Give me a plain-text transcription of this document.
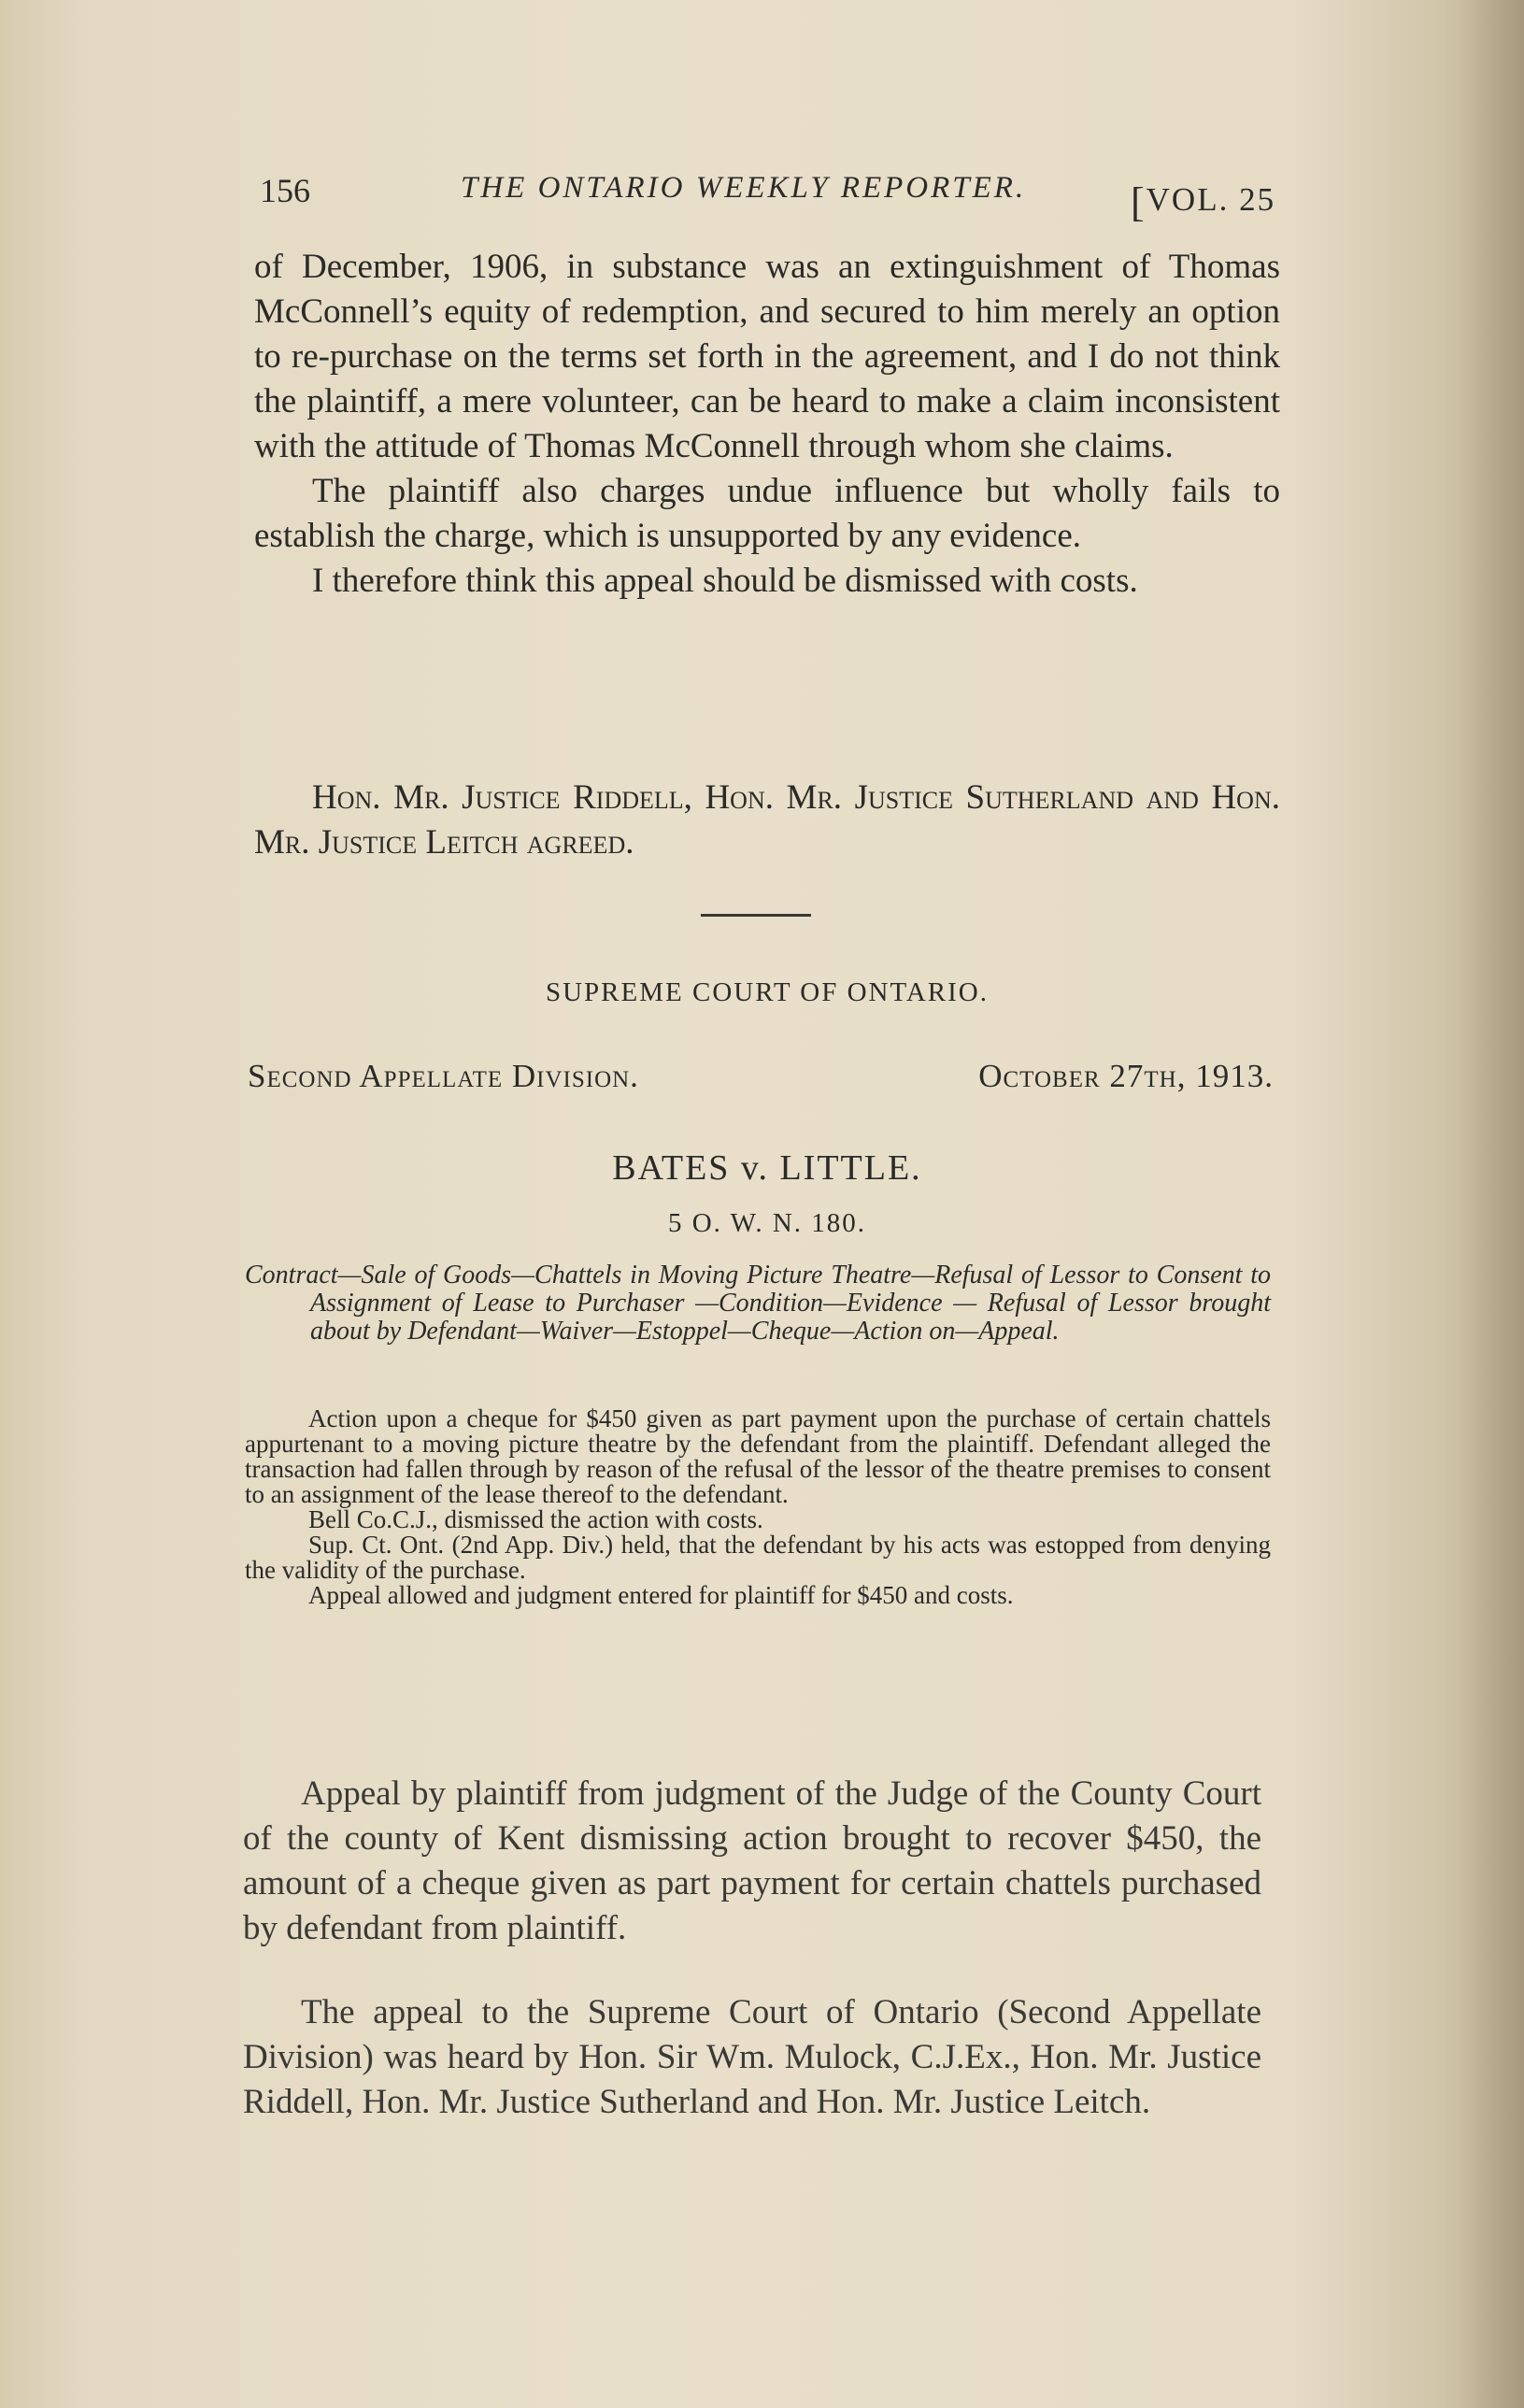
156	THE ONTARIO WEEKLY REPORTER.	[VOL. 25

of December, 1906, in substance was an extinguishment of Thomas McConnell’s equity of redemption, and secured to him merely an option to re-purchase on the terms set forth in the agreement, and I do not think the plaintiff, a mere volunteer, can be heard to make a claim inconsistent with the attitude of Thomas McConnell through whom she claims.

The plaintiff also charges undue influence but wholly fails to establish the charge, which is unsupported by any evidence.

I therefore think this appeal should be dismissed with costs.

Hon. Mr. Justice Riddell, Hon. Mr. Justice Sutherland and Hon. Mr. Justice Leitch agreed.
SUPREME COURT OF ONTARIO.
Second Appellate Division.	October 27th, 1913.
BATES v. LITTLE.
5 O. W. N. 180.
Contract—Sale of Goods—Chattels in Moving Picture Theatre—Refusal of Lessor to Consent to Assignment of Lease to Purchaser —Condition—Evidence — Refusal of Lessor brought about by Defendant—Waiver—Estoppel—Cheque—Action on—Appeal.

Action upon a cheque for $450 given as part payment upon the purchase of certain chattels appurtenant to a moving picture theatre by the defendant from the plaintiff. Defendant alleged the transaction had fallen through by reason of the refusal of the lessor of the theatre premises to consent to an assignment of the lease thereof to the defendant.

Bell Co.C.J., dismissed the action with costs.

Sup. Ct. Ont. (2nd App. Div.) held, that the defendant by his acts was estopped from denying the validity of the purchase.

Appeal allowed and judgment entered for plaintiff for $450 and costs.

Appeal by plaintiff from judgment of the Judge of the County Court of the county of Kent dismissing action brought to recover $450, the amount of a cheque given as part payment for certain chattels purchased by defendant from plaintiff.
The appeal to the Supreme Court of Ontario (Second Appellate Division) was heard by Hon. Sir Wm. Mulock, C.J.Ex., Hon. Mr. Justice Riddell, Hon. Mr. Justice Sutherland and Hon. Mr. Justice Leitch.
